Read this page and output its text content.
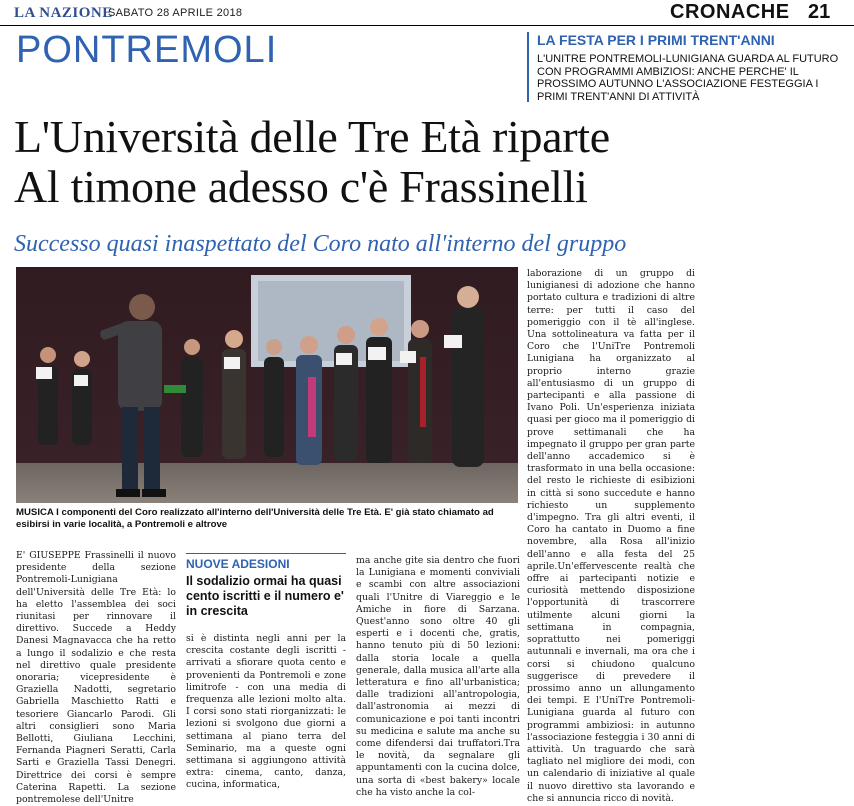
LA NAZIONE
SABATO 28 APRILE 2018	CRONACHE 21
PONTREMOLI	LA FESTA PER I PRIMI TRENT'ANNI
L'UNITRE PONTREMOLI-LUNIGIANA GUARDA AL FUTURO CON PROGRAMMI AMBIZIOSI: ANCHE PERCHE' IL PROSSIMO AUTUNNO L'ASSOCIAZIONE FESTEGGIA I PRIMI TRENT'ANNI DI ATTIVITÀ
L'Università delle Tre Età riparte
Al timone adesso c'è Frassinelli
Successo quasi inaspettato del Coro nato all'interno del gruppo
MUSICA I componenti del Coro realizzato all'interno dell'Università delle Tre Età. E' già stato chiamato ad esibirsi in varie località, a Pontremoli e altrove

E' GIUSEPPE Frassinelli il nuovo presidente della sezione Pontremoli-Lunigiana dell'Università delle Tre Età: lo ha eletto l'assemblea dei soci riunitasi per rinnovare il direttivo. Succede a Heddy Danesi Magnavacca che ha retto a lungo il sodalizio e che resta nel direttivo quale presidente onoraria; vicepresidente è Graziella Nadotti, segretario Gabriella Maschietto Ratti e tesoriere Giancarlo Parodi. Gli altri consiglieri sono Maria Bellotti, Giuliana Lecchini, Fernanda Piagneri Seratti, Carla Sarti e Graziella Tassi Denegri. Direttrice dei corsi è sempre Caterina Rapetti. La sezione pontremolese dell'Unitre

NUOVE ADESIONI
Il sodalizio ormai ha quasi cento iscritti e il numero e' in crescita

si è distinta negli anni per la crescita costante degli iscritti - arrivati a sfiorare quota cento e provenienti da Pontremoli e zone limitrofe - con una media di frequenza alle lezioni molto alta. I corsi sono stati riorganizzati: le lezioni si svolgono due giorni a settimana al piano terra del Seminario, ma a queste ogni settimana si aggiungono attività extra: cinema, canto, danza, cucina, informatica,

ma anche gite sia dentro che fuori la Lunigiana e momenti conviviali e scambi con altre associazioni quali l'Unitre di Viareggio e le Amiche in fiore di Sarzana. Quest'anno sono oltre 40 gli esperti e i docenti che, gratis, hanno tenuto più di 50 lezioni: dalla storia locale a quella generale, dalla musica all'arte alla letteratura e fino all'urbanistica; dalle tradizioni all'antropologia, dall'astronomia ai mezzi di comunicazione e poi tanti incontri su medicina e salute ma anche su come difendersi dai truffatori.Tra le novità, da segnalare gli appuntamenti con la cucina dolce, una sorta di «best bakery» locale che ha visto anche la col-

laborazione di un gruppo di lunigianesi di adozione che hanno portato cultura e tradizioni di altre terre: per tutti il caso del pomeriggio con il tè all'inglese. Una sottolineatura va fatta per il Coro che l'UniTre Pontremoli Lunigiana ha organizzato al proprio interno grazie all'entusiasmo di un gruppo di partecipanti e alla passione di Ivano Poli. Un'esperienza iniziata quasi per gioco ma il pomeriggio di prove settimanali che ha impegnato il gruppo per gran parte dell'anno accademico si è trasformato in una bella occasione: del resto le richieste di esibizioni in città si sono succedute e hanno richiesto un supplemento d'impegno. Tra gli altri eventi, il Coro ha cantato in Duomo a fine novembre, alla Rosa all'inizio dell'anno e alla festa del 25 aprile.Un'effervescente realtà che offre ai partecipanti notizie e curiosità mettendo disposizione l'opportunità di trascorrere utilmente alcuni giorni la settimana in compagnia, soprattutto nei pomeriggi autunnali e invernali, ma ora che i corsi si chiudono qualcuno suggerisce di prevedere il prossimo anno un allungamento dei tempi. E l'UniTre Pontremoli-Lunigiana guarda al futuro con programmi ambiziosi: in autunno l'associazione festeggia i 30 anni di attività. Un traguardo che sarà tagliato nel migliore dei modi, con un calendario di iniziative al quale il nuovo direttivo sta lavorando e che si annuncia ricco di novità.
